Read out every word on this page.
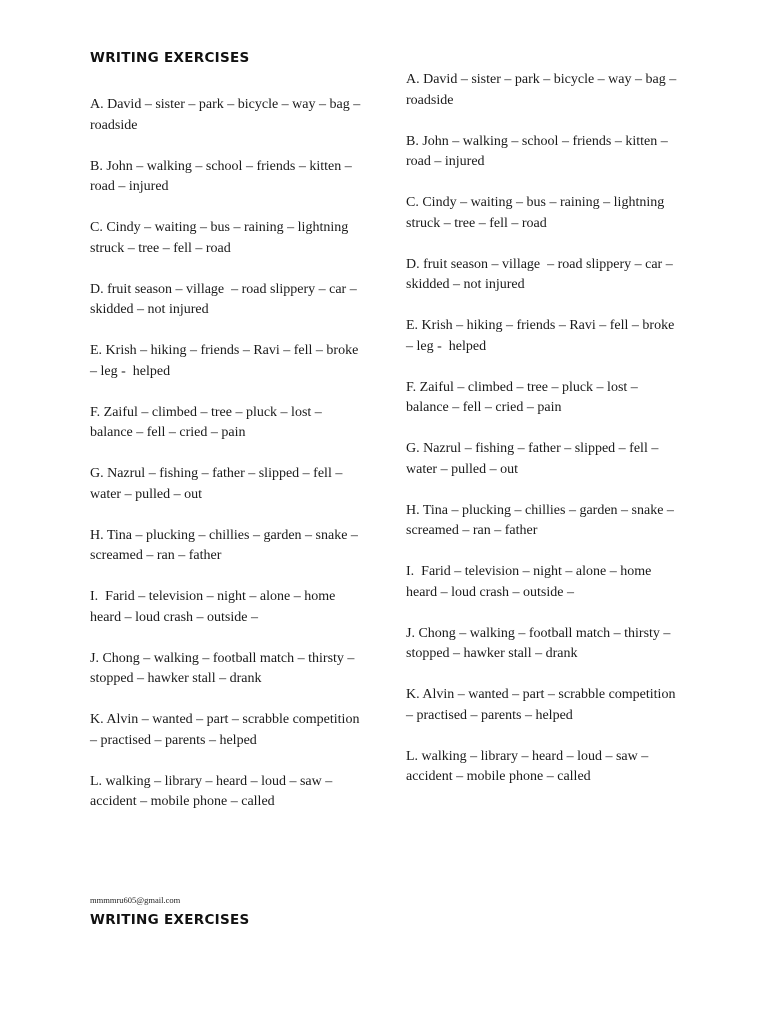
WRITING EXERCISES
A. David – sister – park – bicycle – way – bag – roadside
B. John – walking – school – friends – kitten – road – injured
C. Cindy – waiting – bus – raining – lightning  struck – tree – fell – road
D. fruit season – village  – road slippery – car – skidded – not injured
E. Krish – hiking – friends – Ravi – fell – broke – leg -  helped
F. Zaiful – climbed – tree – pluck – lost – balance – fell – cried – pain
G. Nazrul – fishing – father – slipped – fell – water – pulled – out
H. Tina – plucking – chillies – garden – snake – screamed – ran – father
I.  Farid – television – night – alone – home heard – loud crash – outside –
J. Chong – walking – football match – thirsty – stopped – hawker stall – drank
K. Alvin – wanted – part – scrabble competition – practised – parents – helped
L. walking – library – heard – loud – saw – accident – mobile phone – called
A. David – sister – park – bicycle – way – bag – roadside
B. John – walking – school – friends – kitten – road – injured
C. Cindy – waiting – bus – raining – lightning  struck – tree – fell – road
D. fruit season – village  – road slippery – car – skidded – not injured
E. Krish – hiking – friends – Ravi – fell – broke – leg -  helped
F. Zaiful – climbed – tree – pluck – lost – balance – fell – cried – pain
G. Nazrul – fishing – father – slipped – fell – water – pulled – out
H. Tina – plucking – chillies – garden – snake – screamed – ran – father
I.  Farid – television – night – alone – home heard – loud crash – outside –
J. Chong – walking – football match – thirsty – stopped – hawker stall – drank
K. Alvin – wanted – part – scrabble competition – practised – parents – helped
L. walking – library – heard – loud – saw – accident – mobile phone – called
mmmmru605@gmail.com
WRITING EXERCISES
